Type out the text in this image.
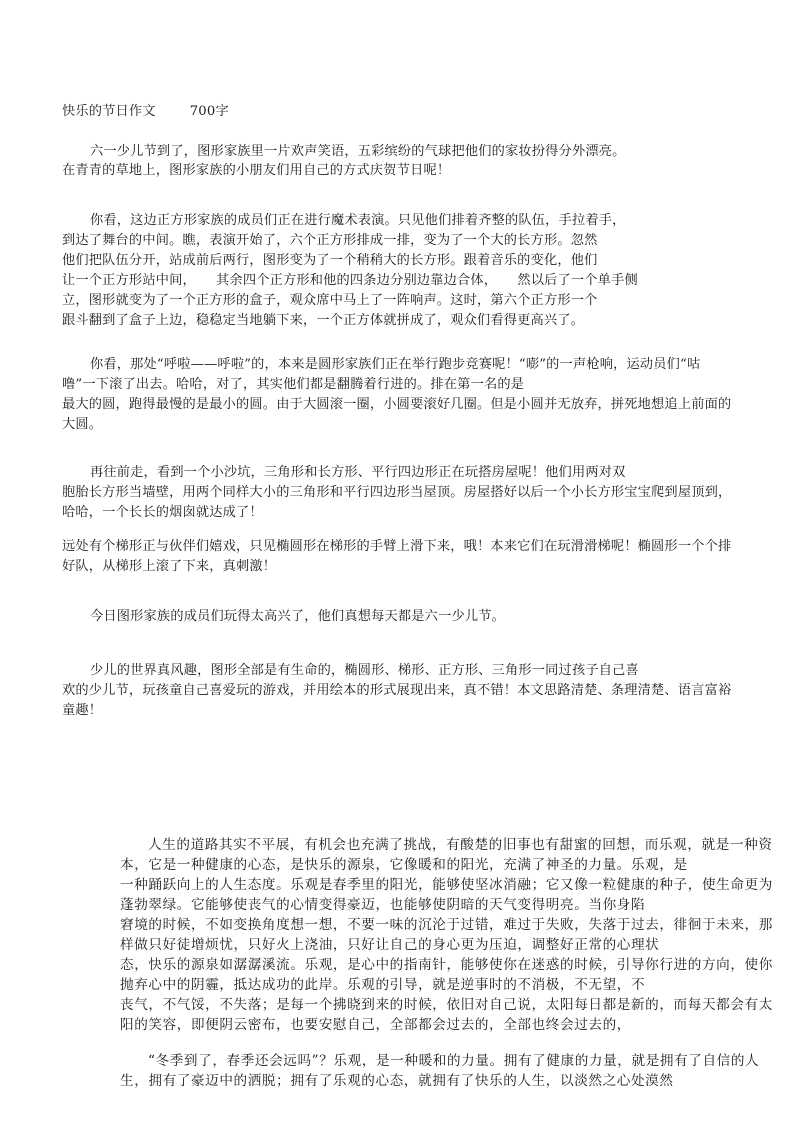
快乐的节日作文	700字
六一少儿节到了，图形家族里一片欢声笑语，五彩缤纷的气球把他们的家妆扮得分外漂亮。
在青青的草地上，图形家族的小朋友们用自己的方式庆贺节日呢！
你看，这边正方形家族的成员们正在进行魔术表演。只见他们排着齐整的队伍，手拉着手，
到达了舞台的中间。瞧，表演开始了，六个正方形排成一排，变为了一个大的长方形。忽然
他们把队伍分开，站成前后两行，图形变为了一个稍稍大的长方形。跟着音乐的变化，他们
让一个正方形站中间，　　其余四个正方形和他的四条边分别边靠边合体，　　然以后了一个单手侧
立，图形就变为了一个正方形的盒子，观众席中马上了一阵响声。这时，第六个正方形一个
跟斗翻到了盒子上边，稳稳定当地躺下来，一个正方体就拼成了，观众们看得更高兴了。
你看，那处“呼啦——呼啦”的，本来是圆形家族们正在举行跑步竞赛呢！“嘭”的一声枪响，运动员们“咕
噜”一下滚了出去。哈哈，对了，其实他们都是翻腾着行进的。排在第一名的是
最大的圆，跑得最慢的是最小的圆。由于大圆滚一圈，小圆要滚好几圈。但是小圆并无放弃，拼死地想追上前面的
大圆。
再往前走，看到一个小沙坑，三角形和长方形、平行四边形正在玩搭房屋呢！他们用两对双
胞胎长方形当墙壁，用两个同样大小的三角形和平行四边形当屋顶。房屋搭好以后一个小长方形宝宝爬到屋顶到，
哈哈，一个长长的烟囱就达成了！
远处有个梯形正与伙伴们嬉戏，只见椭圆形在梯形的手臂上滑下来，哦！本来它们在玩滑滑梯呢！椭圆形一个个排
好队，从梯形上滚了下来，真刺激！
今日图形家族的成员们玩得太高兴了，他们真想每天都是六一少儿节。
少儿的世界真风趣，图形全部是有生命的，椭圆形、梯形、正方形、三角形一同过孩子自己喜
欢的少儿节，玩孩童自己喜爱玩的游戏，并用绘本的形式展现出来，真不错！本文思路清楚、条理清楚、语言富裕
童趣！
人生的道路其实不平展，有机会也充满了挑战，有酸楚的旧事也有甜蜜的回想，而乐观，就是一种资
本，它是一种健康的心态，是快乐的源泉，它像暖和的阳光，充满了神圣的力量。乐观，是
一种踊跃向上的人生态度。乐观是春季里的阳光，能够使坚冰消融；它又像一粒健康的种子，使生命更为
蓬勃翠绿。它能够使丧气的心情变得豪迈，也能够使阴暗的天气变得明亮。当你身陷
窘境的时候，不如变换角度想一想，不要一味的沉沦于过错，难过于失败，失落于过去，徘徊于未来，那
样做只好徒增烦忧，只好火上浇油，只好让自己的身心更为压迫，调整好正常的心理状
态，快乐的源泉如潺潺溪流。乐观，是心中的指南针，能够使你在迷惑的时候，引导你行进的方向，使你
抛弃心中的阴霾，抵达成功的此岸。乐观的引导，就是逆事时的不消极，不无望，不
丧气，不气馁，不失落；是每一个拂晓到来的时候，依旧对自己说，太阳每日都是新的，而每天都会有太
阳的笑容，即便阴云密布，也要安慰自己，全部都会过去的，全部也终会过去的，
“冬季到了，春季还会远吗”？乐观，是一种暖和的力量。拥有了健康的力量，就是拥有了自信的人
生，拥有了豪迈中的洒脱；拥有了乐观的心态，就拥有了快乐的人生，以淡然之心处漠然
